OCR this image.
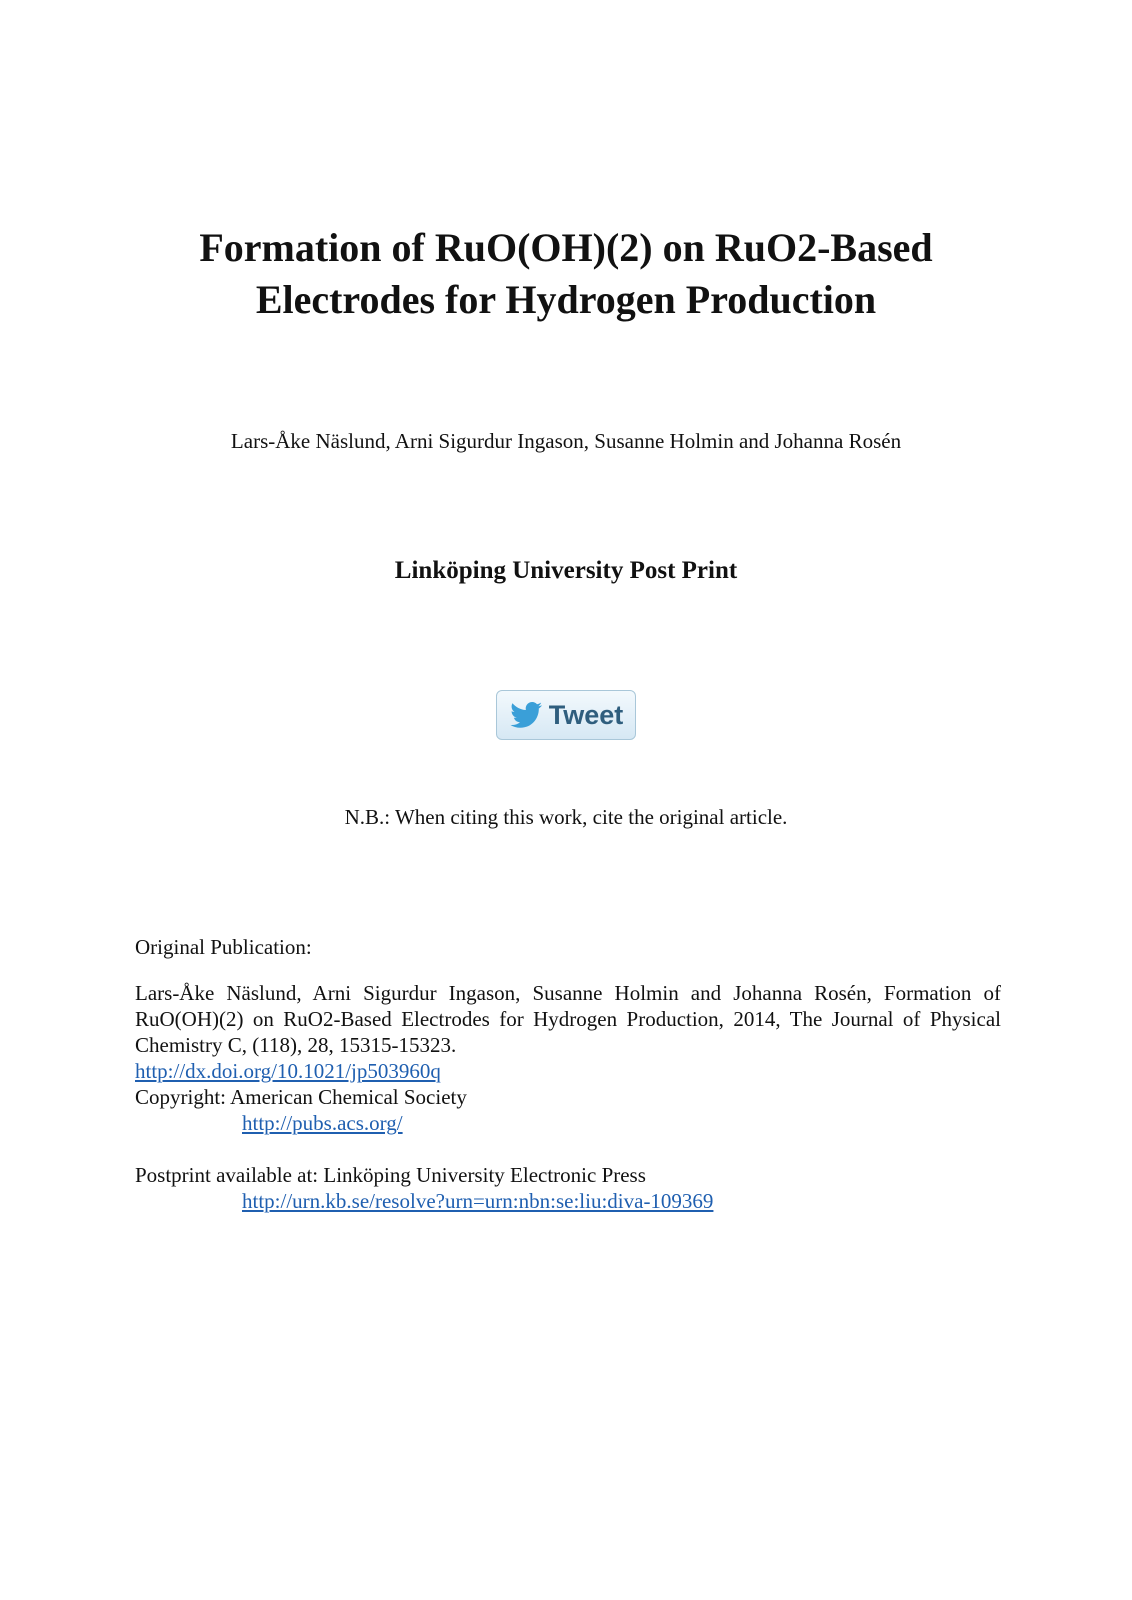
Formation of RuO(OH)(2) on RuO2-Based
Electrodes for Hydrogen Production
Lars-Åke Näslund, Arni Sigurdur Ingason, Susanne Holmin and Johanna Rosén
Linköping University Post Print
Tweet
N.B.: When citing this work, cite the original article.

Original Publication:

Lars-Åke Näslund, Arni Sigurdur Ingason, Susanne Holmin and Johanna Rosén, Formation of RuO(OH)(2) on RuO2-Based Electrodes for Hydrogen Production, 2014, The Journal of Physical Chemistry C, (118), 28, 15315-15323.

http://dx.doi.org/10.1021/jp503960q
Copyright: American Chemical Society
http://pubs.acs.org/
Postprint available at: Linköping University Electronic Press
http://urn.kb.se/resolve?urn=urn:nbn:se:liu:diva-109369
